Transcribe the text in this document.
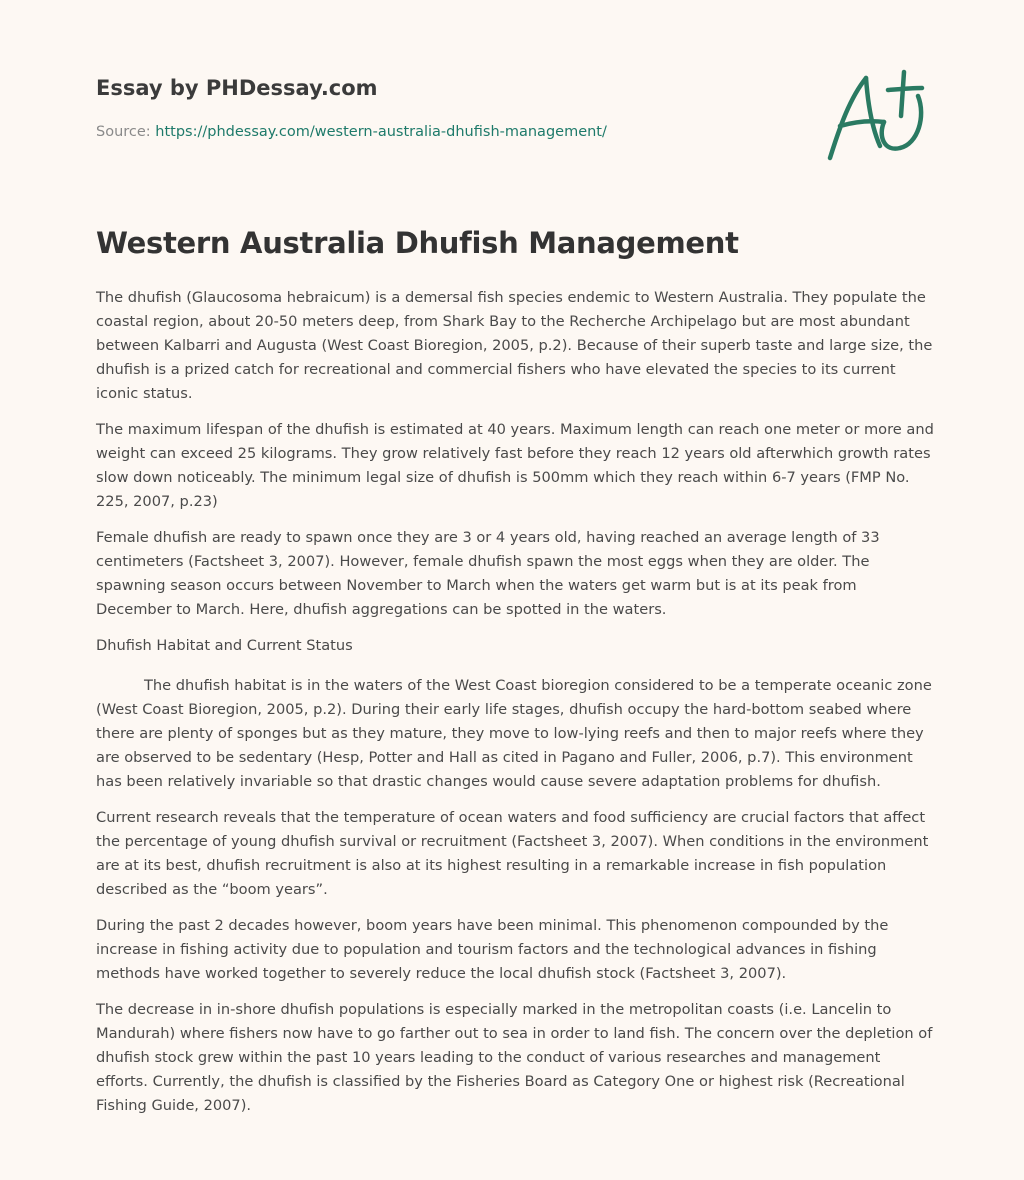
Essay by PHDessay.com
Source: https://phdessay.com/western-australia-dhufish-management/
Western Australia Dhufish Management

The dhufish (Glaucosoma hebraicum) is a demersal fish species endemic to Western Australia. They populate the coastal region, about 20-50 meters deep, from Shark Bay to the Recherche Archipelago but are most abundant between Kalbarri and Augusta (West Coast Bioregion, 2005, p.2). Because of their superb taste and large size, the dhufish is a prized catch for recreational and commercial fishers who have elevated the species to its current iconic status.

The maximum lifespan of the dhufish is estimated at 40 years. Maximum length can reach one meter or more and weight can exceed 25 kilograms. They grow relatively fast before they reach 12 years old afterwhich growth rates slow down noticeably. The minimum legal size of dhufish is 500mm which they reach within 6-7 years (FMP No. 225, 2007, p.23)

Female dhufish are ready to spawn once they are 3 or 4 years old, having reached an average length of 33 centimeters (Factsheet 3, 2007). However, female dhufish spawn the most eggs when they are older. The spawning season occurs between November to March when the waters get warm but is at its peak from December to March. Here, dhufish aggregations can be spotted in the waters.

Dhufish Habitat and Current Status

The dhufish habitat is in the waters of the West Coast bioregion considered to be a temperate oceanic zone (West Coast Bioregion, 2005, p.2). During their early life stages, dhufish occupy the hard-bottom seabed where there are plenty of sponges but as they mature, they move to low-lying reefs and then to major reefs where they are observed to be sedentary (Hesp, Potter and Hall as cited in Pagano and Fuller, 2006, p.7). This environment has been relatively invariable so that drastic changes would cause severe adaptation problems for dhufish.

Current research reveals that the temperature of ocean waters and food sufficiency are crucial factors that affect the percentage of young dhufish survival or recruitment (Factsheet 3, 2007). When conditions in the environment are at its best, dhufish recruitment is also at its highest resulting in a remarkable increase in fish population described as the “boom years”.

During the past 2 decades however, boom years have been minimal. This phenomenon compounded by the increase in fishing activity due to population and tourism factors and the technological advances in fishing methods have worked together to severely reduce the local dhufish stock (Factsheet 3, 2007).

The decrease in in-shore dhufish populations is especially marked in the metropolitan coasts (i.e. Lancelin to Mandurah) where fishers now have to go farther out to sea in order to land fish. The concern over the depletion of dhufish stock grew within the past 10 years leading to the conduct of various researches and management efforts. Currently, the dhufish is classified by the Fisheries Board as Category One or highest risk (Recreational Fishing Guide, 2007).
